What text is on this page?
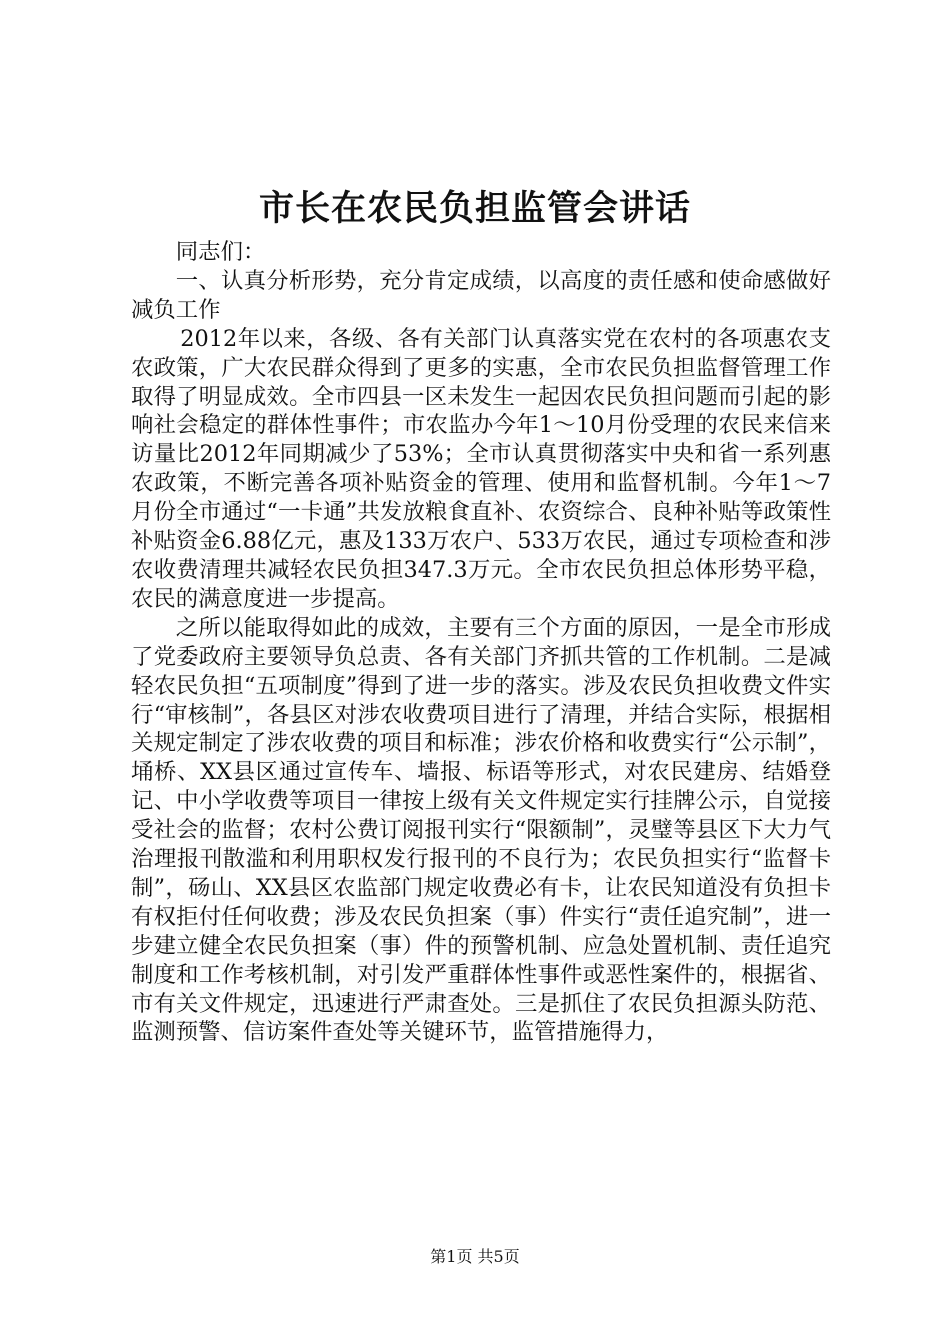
市长在农民负担监管会讲话

同志们：

一、认真分析形势，充分肯定成绩，以高度的责任感和使命感做好减负工作

2012年以来，各级、各有关部门认真落实党在农村的各项惠农支农政策，广大农民群众得到了更多的实惠，全市农民负担监督管理工作取得了明显成效。全市四县一区未发生一起因农民负担问题而引起的影响社会稳定的群体性事件；市农监办今年1～10月份受理的农民来信来访量比2012年同期减少了53%；全市认真贯彻落实中央和省一系列惠农政策，不断完善各项补贴资金的管理、使用和监督机制。今年1～7月份全市通过“一卡通”共发放粮食直补、农资综合、良种补贴等政策性补贴资金6.88亿元，惠及133万农户、533万农民，通过专项检查和涉农收费清理共减轻农民负担347.3万元。全市农民负担总体形势平稳，农民的满意度进一步提高。

之所以能取得如此的成效，主要有三个方面的原因，一是全市形成了党委政府主要领导负总责、各有关部门齐抓共管的工作机制。二是减轻农民负担“五项制度”得到了进一步的落实。涉及农民负担收费文件实行“审核制”，各县区对涉农收费项目进行了清理，并结合实际，根据相关规定制定了涉农收费的项目和标准；涉农价格和收费实行“公示制”，埇桥、XX县区通过宣传车、墙报、标语等形式，对农民建房、结婚登记、中小学收费等项目一律按上级有关文件规定实行挂牌公示，自觉接受社会的监督；农村公费订阅报刊实行“限额制”，灵璧等县区下大力气治理报刊散滥和利用职权发行报刊的不良行为；农民负担实行“监督卡制”，砀山、XX县区农监部门规定收费必有卡，让农民知道没有负担卡有权拒付任何收费；涉及农民负担案（事）件实行“责任追究制”，进一步建立健全农民负担案（事）件的预警机制、应急处置机制、责任追究制度和工作考核机制，对引发严重群体性事件或恶性案件的，根据省、市有关文件规定，迅速进行严肃查处。三是抓住了农民负担源头防范、监测预警、信访案件查处等关键环节，监管措施得力，

第1页 共5页
